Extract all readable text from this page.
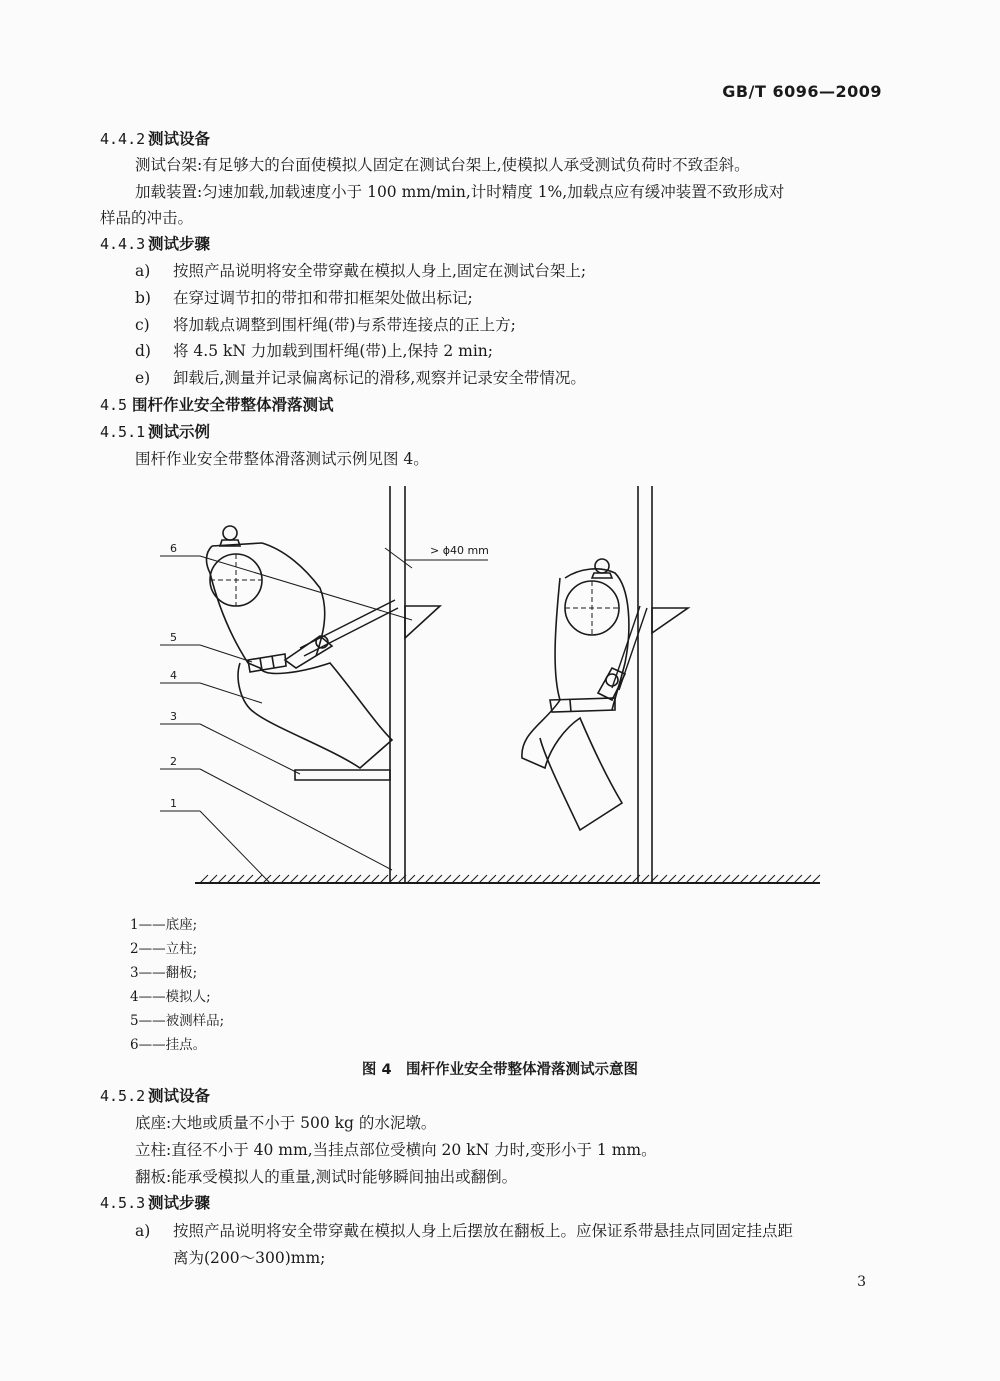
GB/T 6096—2009
4.4.2 测试设备
测试台架:有足够大的台面使模拟人固定在测试台架上,使模拟人承受测试负荷时不致歪斜。
加载装置:匀速加载,加载速度小于 100 mm/min,计时精度 1%,加载点应有缓冲装置不致形成对
样品的冲击。
4.4.3 测试步骤
a) 按照产品说明将安全带穿戴在模拟人身上,固定在测试台架上;
b) 在穿过调节扣的带扣和带扣框架处做出标记;
c) 将加载点调整到围杆绳(带)与系带连接点的正上方;
d) 将 4.5 kN 力加载到围杆绳(带)上,保持 2 min;
e) 卸载后,测量并记录偏离标记的滑移,观察并记录安全带情况。
4.5 围杆作业安全带整体滑落测试
4.5.1 测试示例
围杆作业安全带整体滑落测试示例见图 4。
> ϕ40 mm
6
5
4
3
2
1
1——底座;
2——立柱;
3——翻板;
4——模拟人;
5——被测样品;
6——挂点。
图 4　围杆作业安全带整体滑落测试示意图
4.5.2 测试设备
底座:大地或质量不小于 500 kg 的水泥墩。
立柱:直径不小于 40 mm,当挂点部位受横向 20 kN 力时,变形小于 1 mm。
翻板:能承受模拟人的重量,测试时能够瞬间抽出或翻倒。
4.5.3 测试步骤
a) 按照产品说明将安全带穿戴在模拟人身上后摆放在翻板上。应保证系带悬挂点同固定挂点距
离为(200～300)mm;
3
